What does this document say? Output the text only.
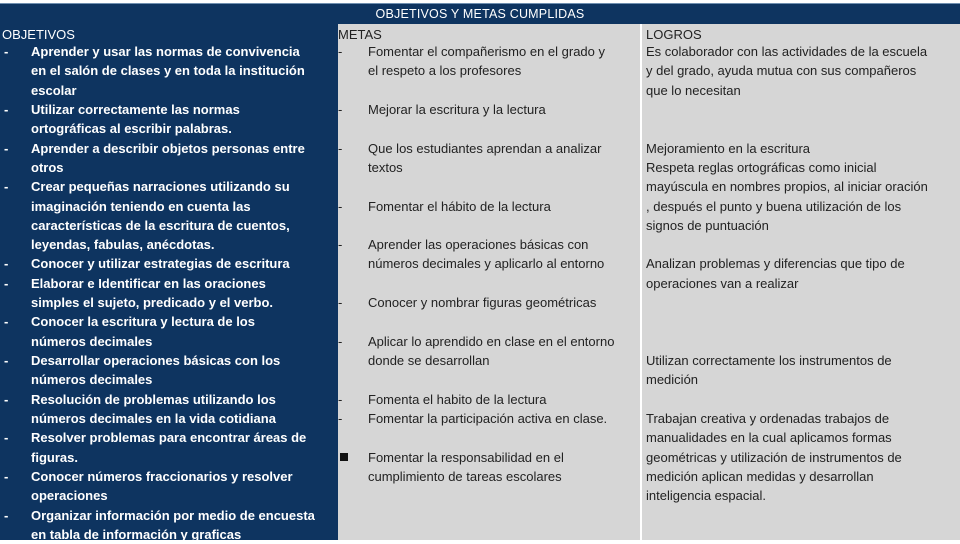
OBJETIVOS Y METAS CUMPLIDAS
OBJETIVOS
- Aprender y usar las normas de convivencia
en el salón de clases y en toda la institución
escolar
- Utilizar correctamente las normas
ortográficas al escribir palabras.
- Aprender a describir objetos personas entre
otros
- Crear pequeñas narraciones utilizando su
imaginación teniendo en cuenta las
características de la escritura de cuentos,
leyendas, fabulas, anécdotas.
- Conocer y utilizar estrategias de escritura
- Elaborar e Identificar en las oraciones
simples el sujeto, predicado y el verbo.
- Conocer la escritura y lectura de los
números decimales
- Desarrollar operaciones básicas con los
números decimales
- Resolución de problemas utilizando los
números decimales en la vida cotidiana
- Resolver problemas para encontrar áreas de
figuras.
- Conocer números fraccionarios y resolver
operaciones
- Organizar información por medio de encuesta
en tabla de información y graficas
METAS
- Fomentar el compañerismo en el grado y
el respeto a los profesores
- Mejorar la escritura y la lectura
- Que los estudiantes aprendan a analizar
textos
- Fomentar el hábito de la lectura
- Aprender las operaciones básicas con
números decimales y aplicarlo al entorno
- Conocer y nombrar figuras geométricas
- Aplicar lo aprendido en clase en el entorno
donde se desarrollan
- Fomenta el habito de la lectura
- Fomentar la participación activa en clase.
Fomentar la responsabilidad en el
cumplimiento de tareas escolares
LOGROS
Es colaborador con las actividades de la escuela
y del grado, ayuda mutua con sus compañeros
que lo necesitan
Mejoramiento en la escritura
Respeta reglas ortográficas como inicial
mayúscula en nombres propios, al iniciar oración
, después el punto y buena utilización de los
signos de puntuación
Analizan problemas y diferencias que tipo de
operaciones van a realizar
Utilizan correctamente los instrumentos de
medición
Trabajan creativa y ordenadas trabajos de
manualidades en la cual aplicamos formas
geométricas y utilización de instrumentos de
medición aplican medidas y desarrollan
inteligencia espacial.
